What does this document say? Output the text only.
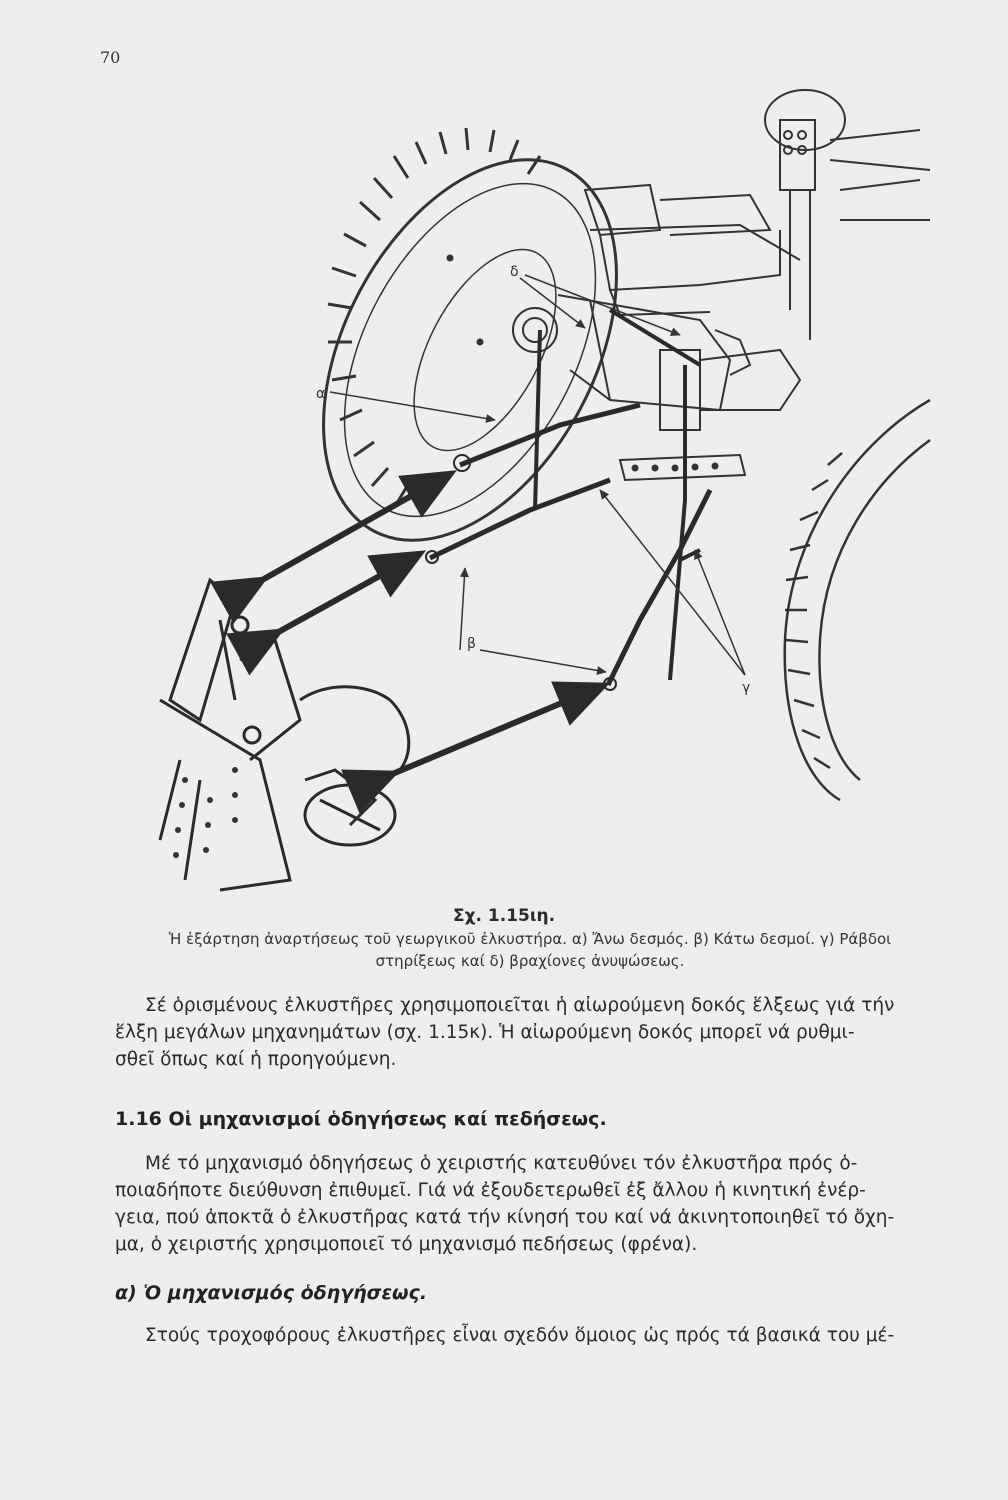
70
α
β
γ
δ
Σχ. 1.15ιη.
Ἡ ἐξάρτηση ἀναρτήσεως τοῦ γεωργικοῦ ἐλκυστήρα. α) Ἄνω δεσμός. β) Κάτω δεσμοί. γ) Ράβδοι
στηρίξεως καί δ) βραχίονες ἀνυψώσεως.
Σέ ὁρισμένους ἐλκυστῆρες χρησιμοποιεῖται ἡ αἰωρούμενη δοκός ἕλξεως γιά τήν
ἕλξη μεγάλων μηχανημάτων (σχ. 1.15κ). Ἡ αἰωρούμενη δοκός μπορεῖ νά ρυθμι-
σθεῖ ὅπως καί ἡ προηγούμενη.
1.16 Οἱ μηχανισμοί ὁδηγήσεως καί πεδήσεως.
Μέ τό μηχανισμό ὁδηγήσεως ὁ χειριστής κατευθύνει τόν ἐλκυστῆρα πρός ὁ-
ποιαδήποτε διεύθυνση ἐπιθυμεῖ. Γιά νά ἐξουδετερωθεῖ ἐξ ἄλλου ἡ κινητική ἐνέρ-
γεια, πού ἀποκτᾶ ὁ ἐλκυστῆρας κατά τήν κίνησή του καί νά ἀκινητοποιηθεῖ τό ὄχη-
μα, ὁ χειριστής χρησιμοποιεῖ τό μηχανισμό πεδήσεως (φρένα).
α) Ὁ μηχανισμός ὁδηγήσεως.
Στούς τροχοφόρους ἐλκυστῆρες εἶναι σχεδόν ὅμοιος ὡς πρός τά βασικά του μέ-
